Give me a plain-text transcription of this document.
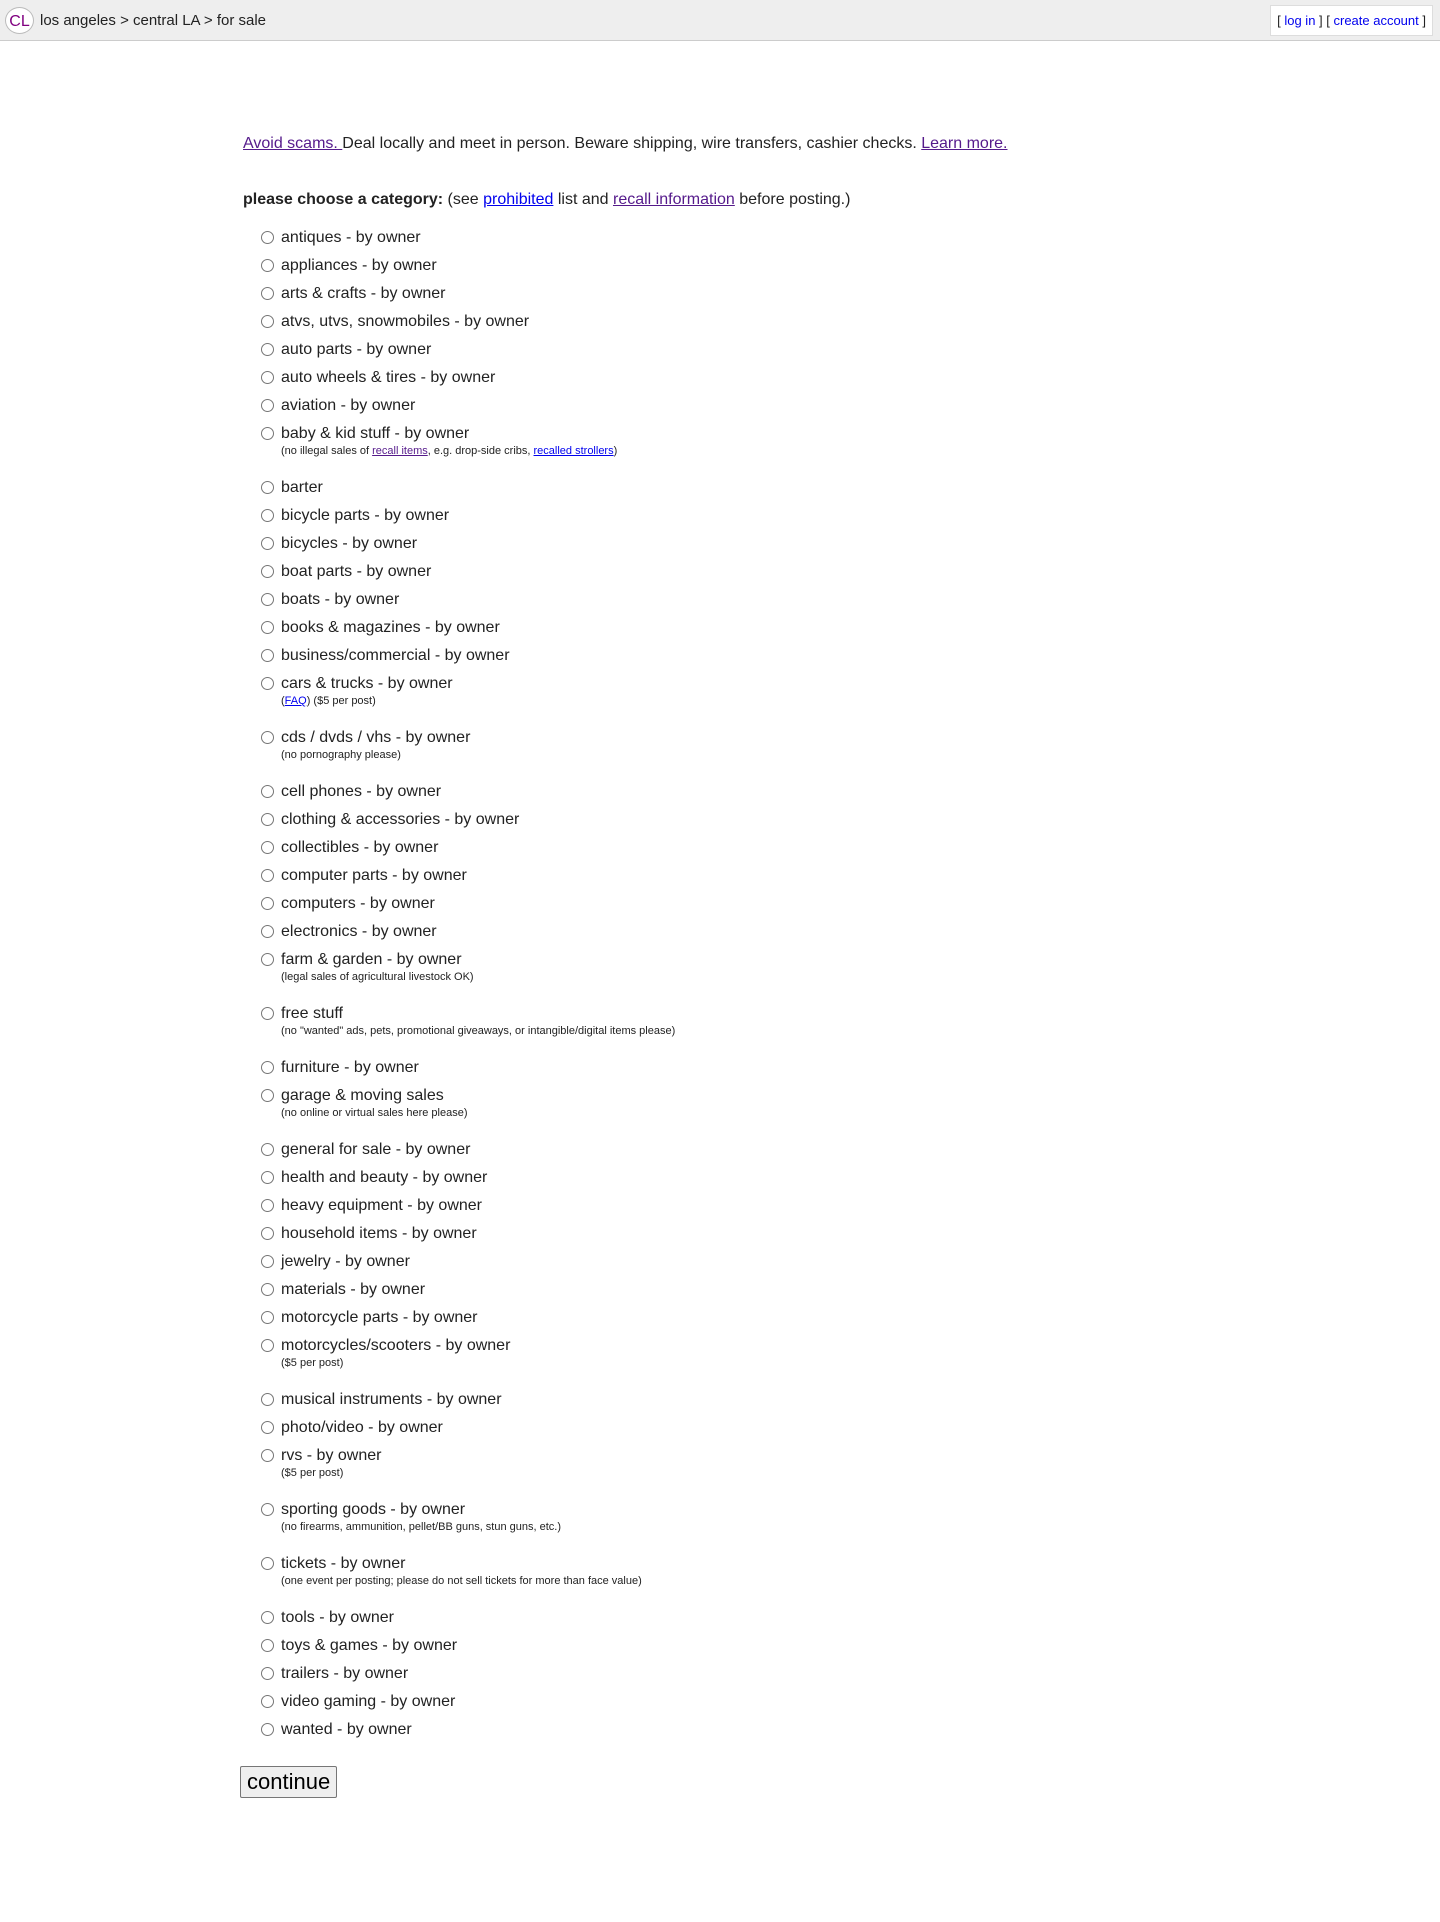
CL los angeles > central LA > for sale	[ log in ] [ create account ]

Avoid scams. Deal locally and meet in person. Beware shipping, wire transfers, cashier checks. Learn more.

please choose a category: (see prohibited list and recall information before posting.)

antiques - by owner
appliances - by owner
arts & crafts - by owner
atvs, utvs, snowmobiles - by owner
auto parts - by owner
auto wheels & tires - by owner
aviation - by owner
baby & kid stuff - by owner
(no illegal sales of recall items, e.g. drop-side cribs, recalled strollers)
barter
bicycle parts - by owner
bicycles - by owner
boat parts - by owner
boats - by owner
books & magazines - by owner
business/commercial - by owner
cars & trucks - by owner
(FAQ) ($5 per post)
cds / dvds / vhs - by owner
(no pornography please)
cell phones - by owner
clothing & accessories - by owner
collectibles - by owner
computer parts - by owner
computers - by owner
electronics - by owner
farm & garden - by owner
(legal sales of agricultural livestock OK)
free stuff
(no "wanted" ads, pets, promotional giveaways, or intangible/digital items please)
furniture - by owner
garage & moving sales
(no online or virtual sales here please)
general for sale - by owner
health and beauty - by owner
heavy equipment - by owner
household items - by owner
jewelry - by owner
materials - by owner
motorcycle parts - by owner
motorcycles/scooters - by owner
($5 per post)
musical instruments - by owner
photo/video - by owner
rvs - by owner
($5 per post)
sporting goods - by owner
(no firearms, ammunition, pellet/BB guns, stun guns, etc.)
tickets - by owner
(one event per posting; please do not sell tickets for more than face value)
tools - by owner
toys & games - by owner
trailers - by owner
video gaming - by owner
wanted - by owner
continue
